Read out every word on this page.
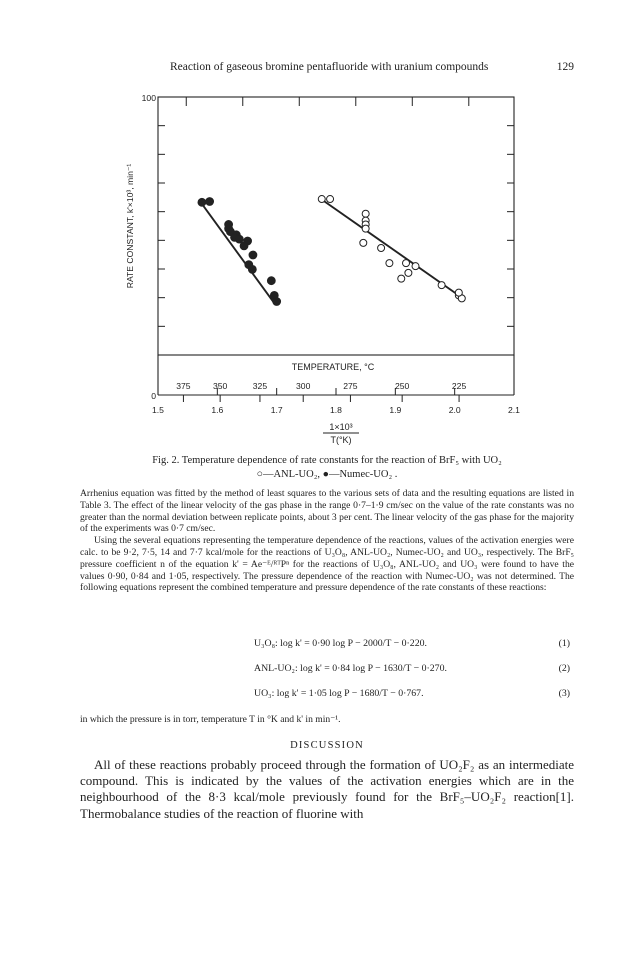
Reaction of gaseous bromine pentafluoride with uranium compounds	129
375	350	325	300	275	250	225
TEMPERATURE, °C
1.5	1.6	1.7	1.8	1.9	2.0	2.1
100
0
1×10³
T(°K)
RATE CONSTANT, k'×10³, min⁻¹
Fig. 2. Temperature dependence of rate constants for the reaction of BrF₅ with UO₂
○—ANL-UO₂, ●—Numec-UO₂ .

Arrhenius equation was fitted by the method of least squares to the various sets of data and the resulting equations are listed in Table 3. The effect of the linear velocity of the gas phase in the range 0·7–1·9 cm/sec on the value of the rate constants was no greater than the normal deviation between replicate points, about 3 per cent. The linear velocity of the gas phase for the majority of the experiments was 0·7 cm/sec.

Using the several equations representing the temperature dependence of the reactions, values of the activation energies were calc. to be 9·2, 7·5, 14 and 7·7 kcal/mole for the reactions of U₃O₈, ANL-UO₂, Numec-UO₂ and UO₃, respectively. The BrF₅ pressure coefficient n of the equation k' = Ae⁻ᴱ/ᴿᵀPⁿ for the reactions of U₃O₈, ANL-UO₂ and UO₃ were found to have the values 0·90, 0·84 and 1·05, respectively. The pressure dependence of the reaction with Numec-UO₂ was not determined. The following equations represent the combined temperature and pressure dependence of the rate constants of these reactions:

U₃O₈: log k' = 0·90 log P − 2000/T − 0·220.	(1)
ANL-UO₂: log k' = 0·84 log P − 1630/T − 0·270.	(2)
UO₃: log k' = 1·05 log P − 1680/T − 0·767.	(3)
in which the pressure is in torr, temperature T in °K and k' in min⁻¹.
DISCUSSION

All of these reactions probably proceed through the formation of UO₂F₂ as an intermediate compound. This is indicated by the values of the activation energies which are in the neighbourhood of the 8·3 kcal/mole previously found for the BrF₅–UO₂F₂ reaction[1]. Thermobalance studies of the reaction of fluorine with
